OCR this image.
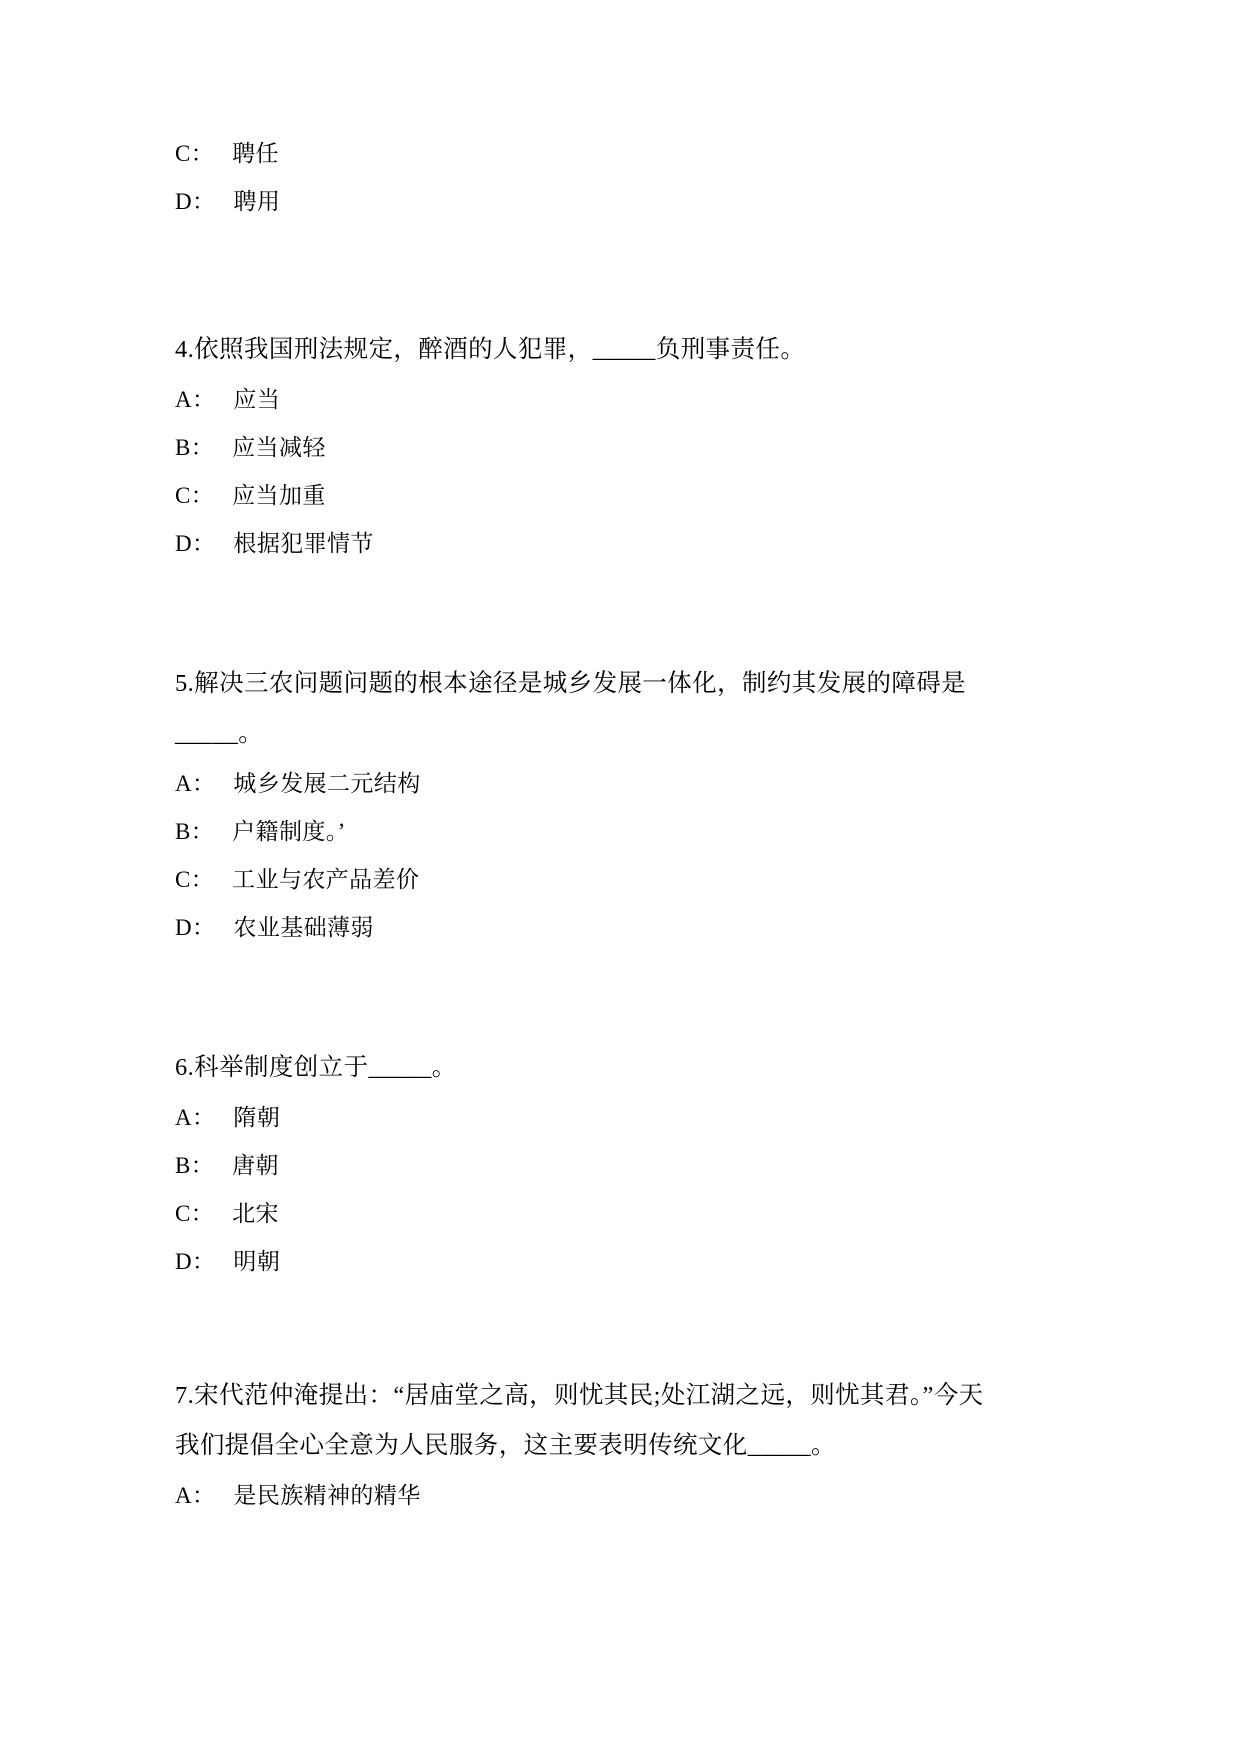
C： 聘任

D： 聘用

4.依照我国刑法规定，醉酒的人犯罪，_____负刑事责任。

A： 应当

B： 应当减轻

C： 应当加重

D： 根据犯罪情节

5.解决三农问题问题的根本途径是城乡发展一体化，制约其发展的障碍是

_____。

A： 城乡发展二元结构

B： 户籍制度。’

C： 工业与农产品差价

D： 农业基础薄弱

6.科举制度创立于_____。

A： 隋朝

B： 唐朝

C： 北宋

D： 明朝

7.宋代范仲淹提出：“居庙堂之高，则忧其民;处江湖之远，则忧其君。”今天

我们提倡全心全意为人民服务，这主要表明传统文化_____。

A： 是民族精神的精华
